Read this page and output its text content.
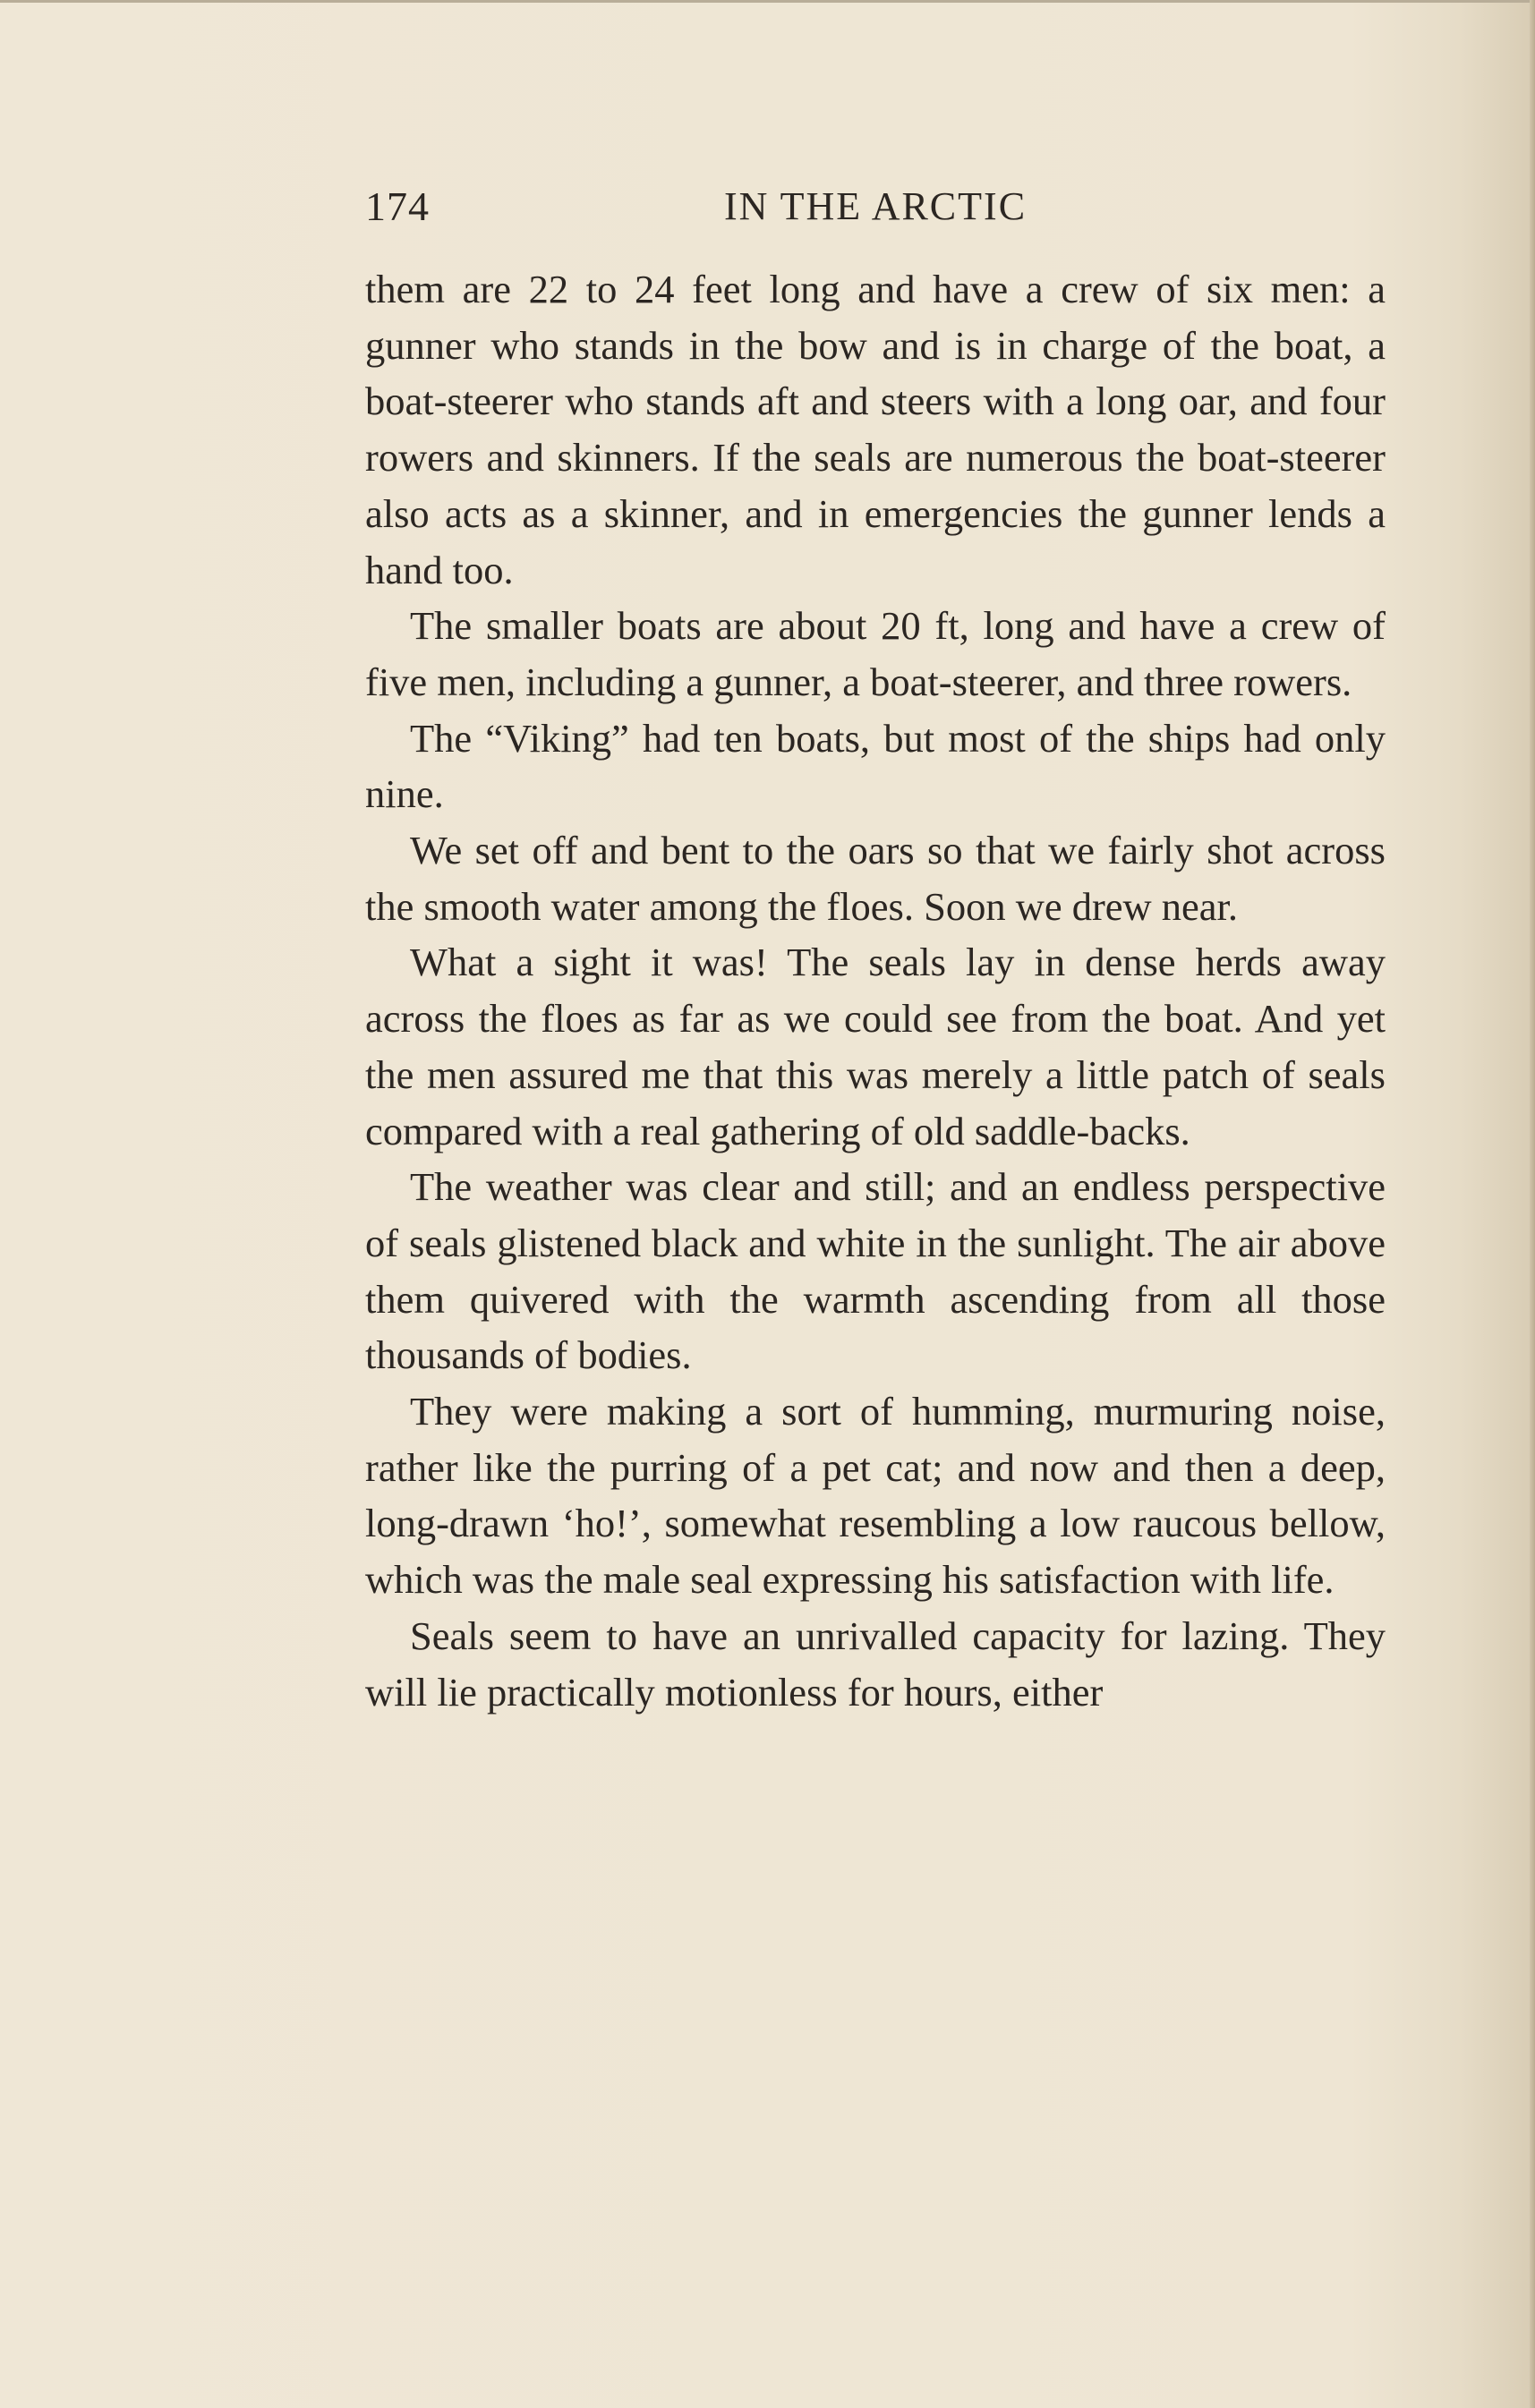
174	IN THE ARCTIC

them are 22 to 24 feet long and have a crew of six men: a gunner who stands in the bow and is in charge of the boat, a boat-steerer who stands aft and steers with a long oar, and four rowers and skinners. If the seals are numerous the boat-steerer also acts as a skinner, and in emergencies the gunner lends a hand too.

The smaller boats are about 20 ft, long and have a crew of five men, including a gunner, a boat-steerer, and three rowers.

The “Viking” had ten boats, but most of the ships had only nine.

We set off and bent to the oars so that we fairly shot across the smooth water among the floes. Soon we drew near.

What a sight it was! The seals lay in dense herds away across the floes as far as we could see from the boat. And yet the men assured me that this was merely a little patch of seals compared with a real gathering of old saddle-backs.

The weather was clear and still; and an endless perspective of seals glistened black and white in the sunlight. The air above them quivered with the warmth ascending from all those thousands of bodies.

They were making a sort of humming, murmuring noise, rather like the purring of a pet cat; and now and then a deep, long-drawn ‘ho!’, somewhat resembling a low raucous bellow, which was the male seal expressing his satisfaction with life.

Seals seem to have an unrivalled capacity for lazing. They will lie practically motionless for hours, either
